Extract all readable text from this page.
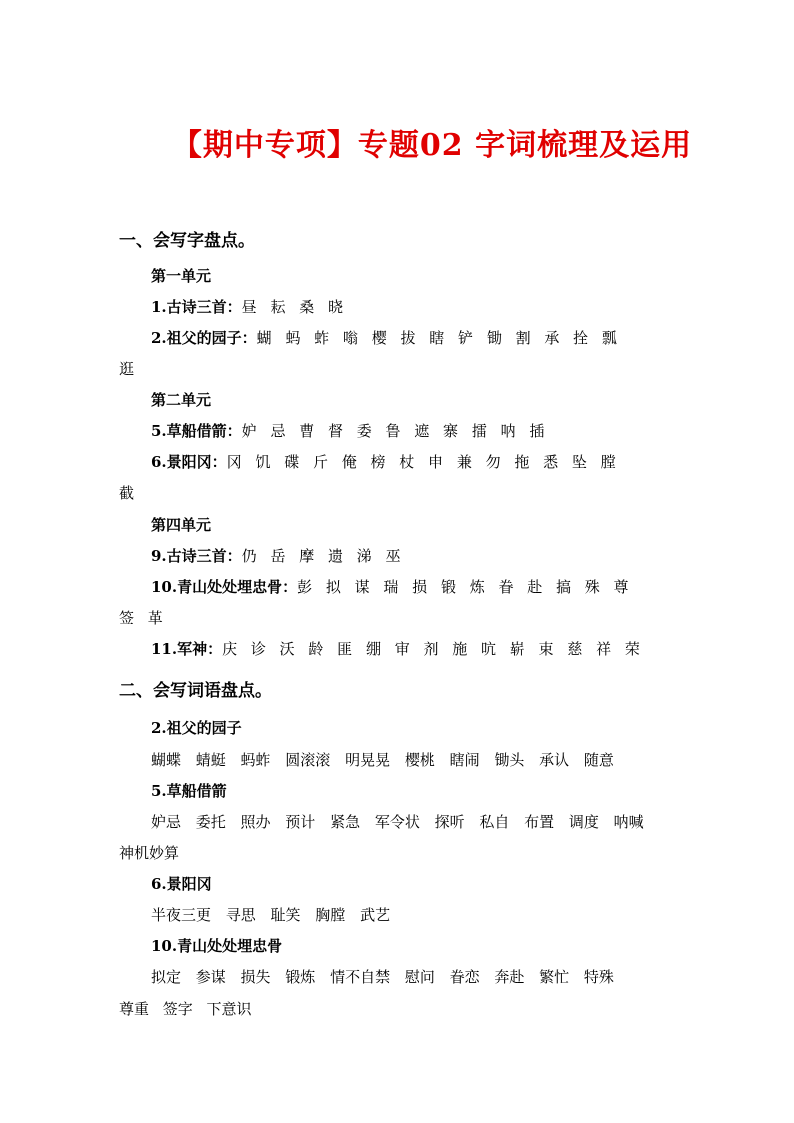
【期中专项】专题02 字词梳理及运用
一、会写字盘点。
第一单元
1.古诗三首：昼 耘 桑 晓
2.祖父的园子：蝴 蚂 蚱 嗡 樱 拔 瞎 铲 锄 割 承 拴 瓢
逛
第二单元
5.草船借箭：妒 忌 曹 督 委 鲁 遮 寨 擂 呐 插
6.景阳冈：冈 饥 碟 斤 俺 榜 杖 申 兼 勿 拖 悉 坠 膛
截
第四单元
9.古诗三首：仍 岳 摩 遗 涕 巫
10.青山处处埋忠骨：彭 拟 谋 瑞 损 锻 炼 眷 赴 搞 殊 尊
签 革
11.军神：庆 诊 沃 龄 匪 绷 审 剂 施 吭 崭 束 慈 祥 荣
二、会写词语盘点。
2.祖父的园子
蝴蝶 蜻蜓 蚂蚱 圆滚滚 明晃晃 樱桃 瞎闹 锄头 承认 随意
5.草船借箭
妒忌 委托 照办 预计 紧急 军令状 探听 私自 布置 调度 呐喊
神机妙算
6.景阳冈
半夜三更 寻思 耻笑 胸膛 武艺
10.青山处处埋忠骨
拟定 参谋 损失 锻炼 情不自禁 慰问 眷恋 奔赴 繁忙 特殊
尊重 签字 下意识
